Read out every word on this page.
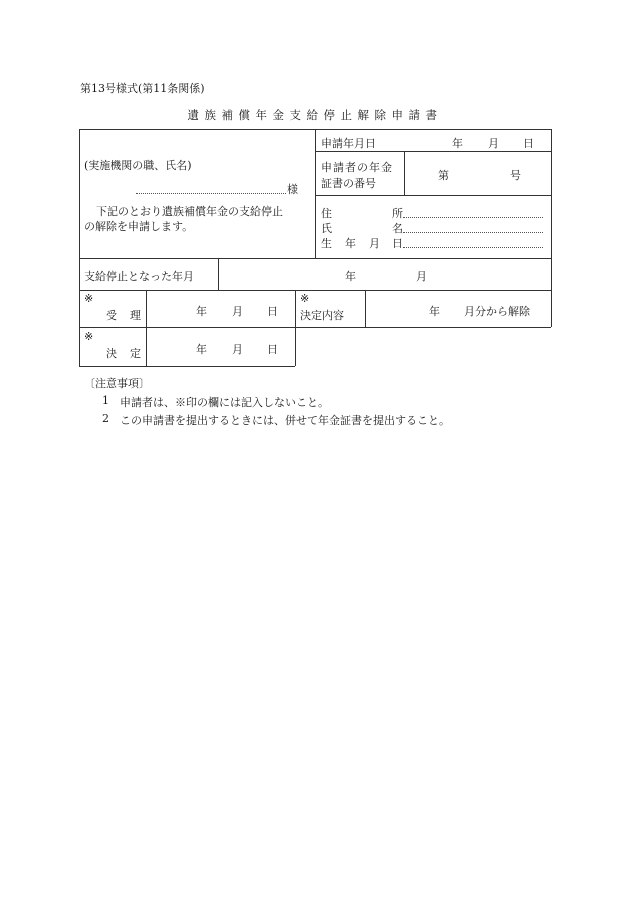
第13号様式(第11条関係)
遺族補償年金支給停止解除申請書
申請年月日	年 月 日
(実施機関の職、氏名)
様
下記のとおり遺族補償年金の支給停止
の解除を申請します。
申請者の年金
証書の番号
第	号
住	所
氏	名
生 年 月 日
支給停止となった年月	年	月
※
受 理	年 月 日
※
決定内容	年 月分から解除
※
決 定	年 月 日
〔注意事項〕
1 申請者は、※印の欄には記入しないこと。
2 この申請書を提出するときには、併せて年金証書を提出すること。
